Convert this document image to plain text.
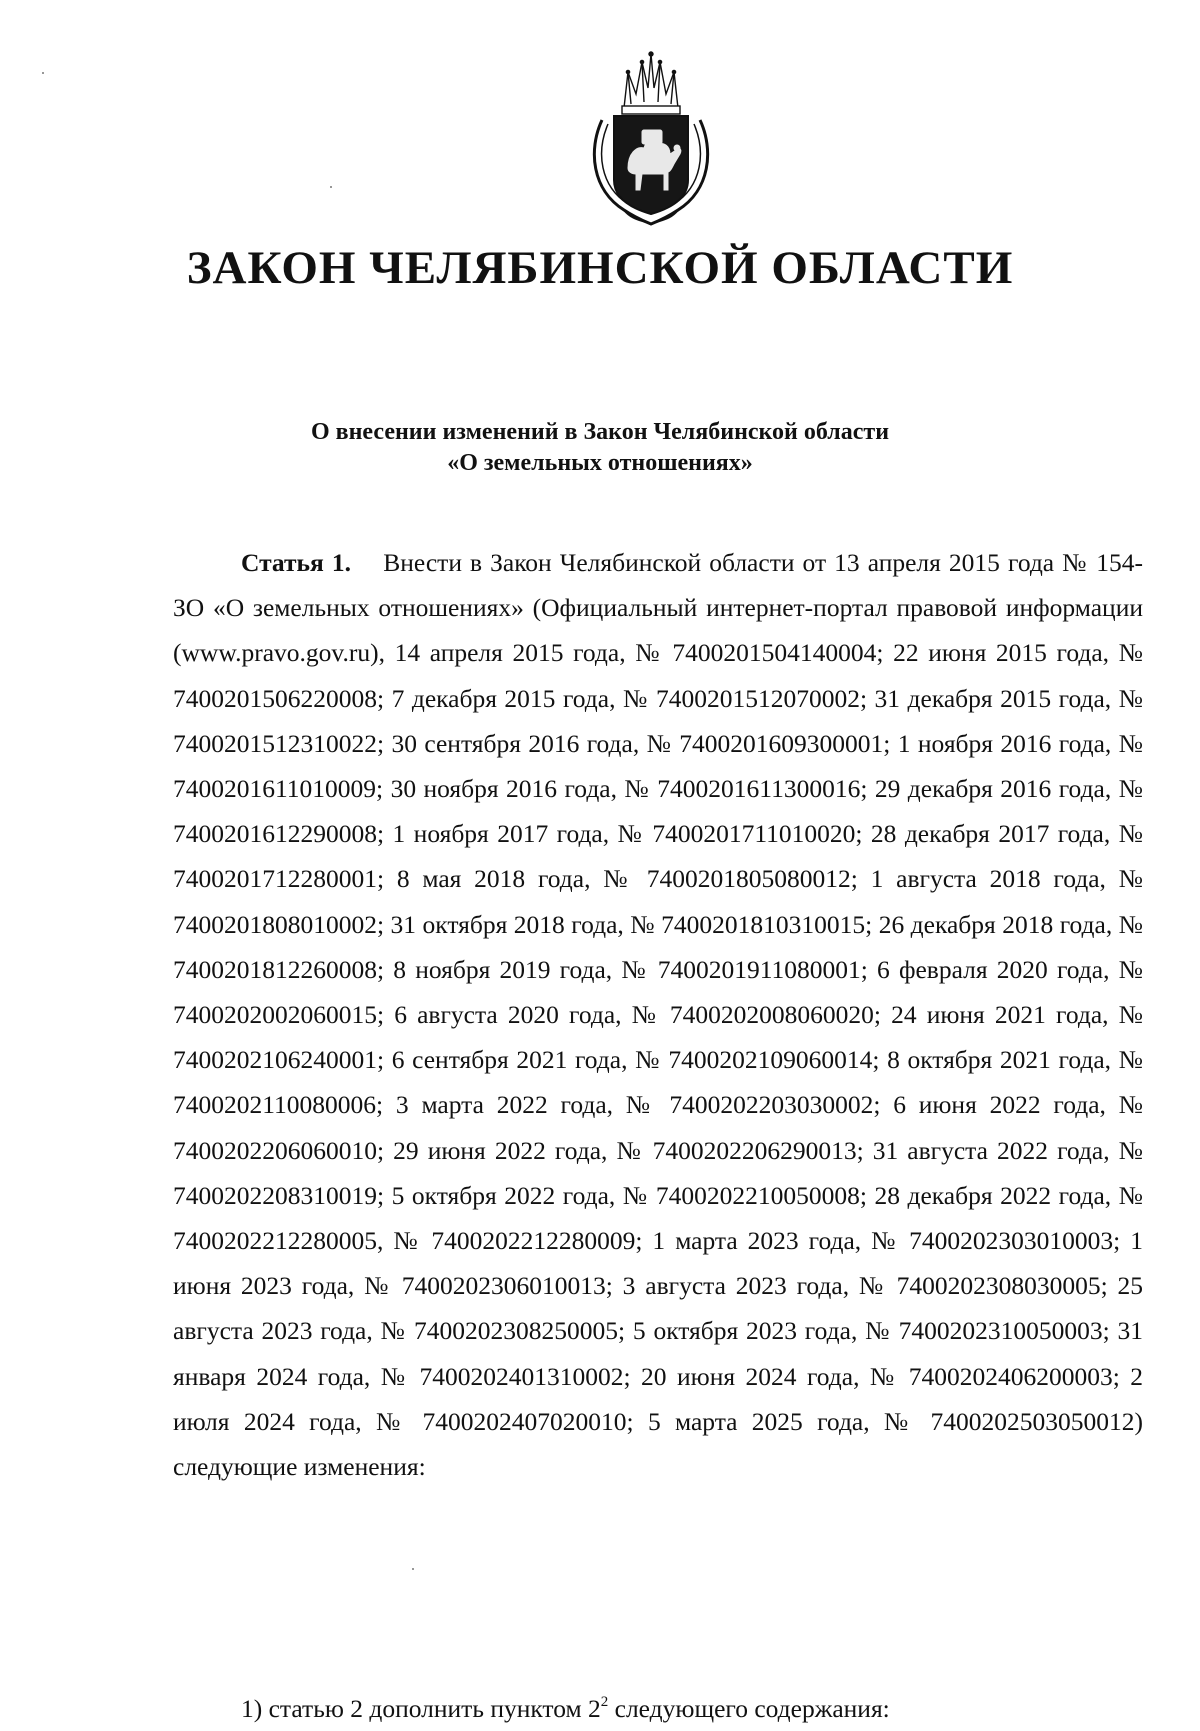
ЗАКОН ЧЕЛЯБИНСКОЙ ОБЛАСТИ
О внесении изменений в Закон Челябинской области
«О земельных отношениях»
Статья 1. Внести в Закон Челябинской области от 13 апреля 2015 года № 154-ЗО «О земельных отношениях» (Официальный интернет-портал правовой информации (www.pravo.gov.ru), 14 апреля 2015 года, № 7400201504140004; 22 июня 2015 года, № 7400201506220008; 7 декабря 2015 года, № 7400201512070002; 31 декабря 2015 года, № 7400201512310022; 30 сентября 2016 года, № 7400201609300001; 1 ноября 2016 года, № 7400201611010009; 30 ноября 2016 года, № 7400201611300016; 29 декабря 2016 года, № 7400201612290008; 1 ноября 2017 года, № 7400201711010020; 28 декабря 2017 года, № 7400201712280001; 8 мая 2018 года, № 7400201805080012; 1 августа 2018 года, № 7400201808010002; 31 октября 2018 года, № 7400201810310015; 26 декабря 2018 года, № 7400201812260008; 8 ноября 2019 года, № 7400201911080001; 6 февраля 2020 года, № 7400202002060015; 6 августа 2020 года, № 7400202008060020; 24 июня 2021 года, № 7400202106240001; 6 сентября 2021 года, № 7400202109060014; 8 октября 2021 года, № 7400202110080006; 3 марта 2022 года, № 7400202203030002; 6 июня 2022 года, № 7400202206060010; 29 июня 2022 года, № 7400202206290013; 31 августа 2022 года, № 7400202208310019; 5 октября 2022 года, № 7400202210050008; 28 декабря 2022 года, № 7400202212280005, № 7400202212280009; 1 марта 2023 года, № 7400202303010003; 1 июня 2023 года, № 7400202306010013; 3 августа 2023 года, № 7400202308030005; 25 августа 2023 года, № 7400202308250005; 5 октября 2023 года, № 7400202310050003; 31 января 2024 года, № 7400202401310002; 20 июня 2024 года, № 7400202406200003; 2 июля 2024 года, № 7400202407020010; 5 марта 2025 года, № 7400202503050012) следующие изменения:
1) статью 2 дополнить пунктом $2^2$ следующего содержания:
